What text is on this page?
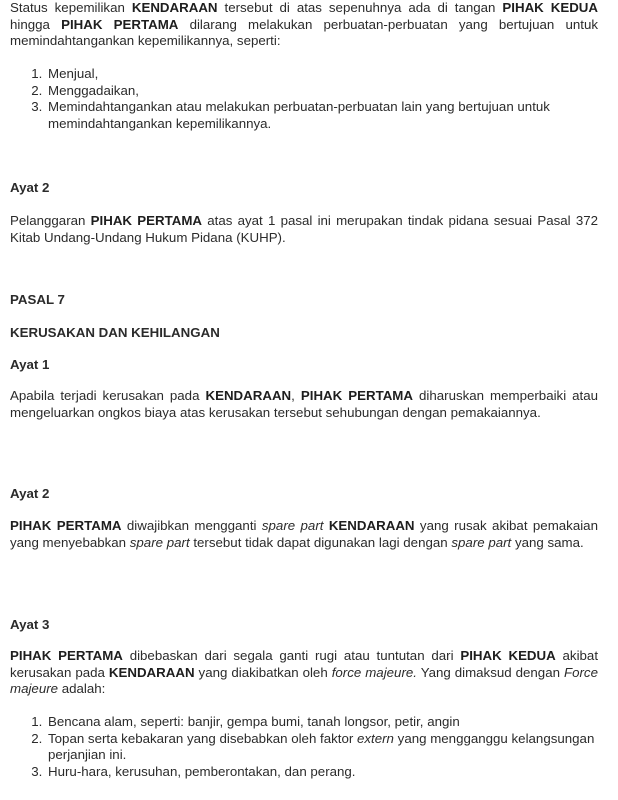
Status kepemilikan KENDARAAN tersebut di atas sepenuhnya ada di tangan PIHAK KEDUA hingga PIHAK PERTAMA dilarang melakukan perbuatan-perbuatan yang bertujuan untuk memindahtangankan kepemilikannya, seperti:

1. Menjual,
2. Menggadaikan,
3. Memindahtangankan atau melakukan perbuatan-perbuatan lain yang bertujuan untuk memindahtangankan kepemilikannya.
Ayat 2

Pelanggaran PIHAK PERTAMA atas ayat 1 pasal ini merupakan tindak pidana sesuai Pasal 372 Kitab Undang-Undang Hukum Pidana (KUHP).

PASAL 7
KERUSAKAN DAN KEHILANGAN
Ayat 1

Apabila terjadi kerusakan pada KENDARAAN, PIHAK PERTAMA diharuskan memperbaiki atau mengeluarkan ongkos biaya atas kerusakan tersebut sehubungan dengan pemakaiannya.

Ayat 2

PIHAK PERTAMA diwajibkan mengganti spare part KENDARAAN yang rusak akibat pemakaian yang menyebabkan spare part tersebut tidak dapat digunakan lagi dengan spare part yang sama.

Ayat 3

PIHAK PERTAMA dibebaskan dari segala ganti rugi atau tuntutan dari PIHAK KEDUA akibat kerusakan pada KENDARAAN yang diakibatkan oleh force majeure. Yang dimaksud dengan Force majeure adalah:

1. Bencana alam, seperti: banjir, gempa bumi, tanah longsor, petir, angin
2. Topan serta kebakaran yang disebabkan oleh faktor extern yang mengganggu kelangsungan perjanjian ini.
3. Huru-hara, kerusuhan, pemberontakan, dan perang.
